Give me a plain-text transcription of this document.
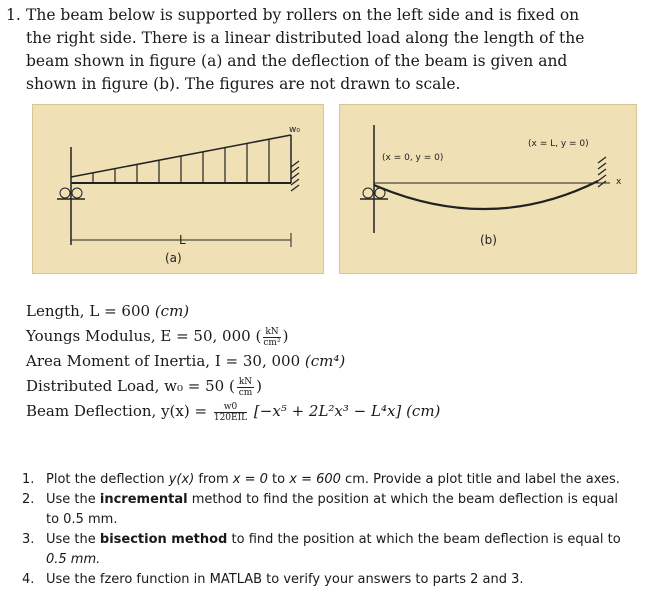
1. The beam below is supported by rollers on the left side and is fixed on
the right side. There is a linear distributed load along the length of the
beam shown in figure (a) and the deflection of the beam is given and
shown in figure (b). The figures are not drawn to scale.
w₀
L
(a)
(x = 0, y = 0)
(x = L, y = 0)
x
(b)
Length, L = 600 (cm)
Youngs Modulus, E = 50, 000 ( $\frac{kN}{\text{cm²}}$ )
Area Moment of Inertia, I = 30, 000 (cm⁴)
Distributed Load, w₀ = 50 ( $\frac{kN}{cm}$ )
Beam Deflection, $y(x) = \frac{w0}{\text{120EIL}} [-x^5 + 2L^2x^3 - L^4x]$ (cm)
1. Plot the deflection y(x) from x = 0 to x = 600 cm. Provide a plot title and label the axes.
2. Use the incremental method to find the position at which the beam deflection is equal
to 0.5 mm.
3. Use the bisection method to find the position at which the beam deflection is equal to
0.5 mm.
4. Use the fzero function in MATLAB to verify your answers to parts 2 and 3.
